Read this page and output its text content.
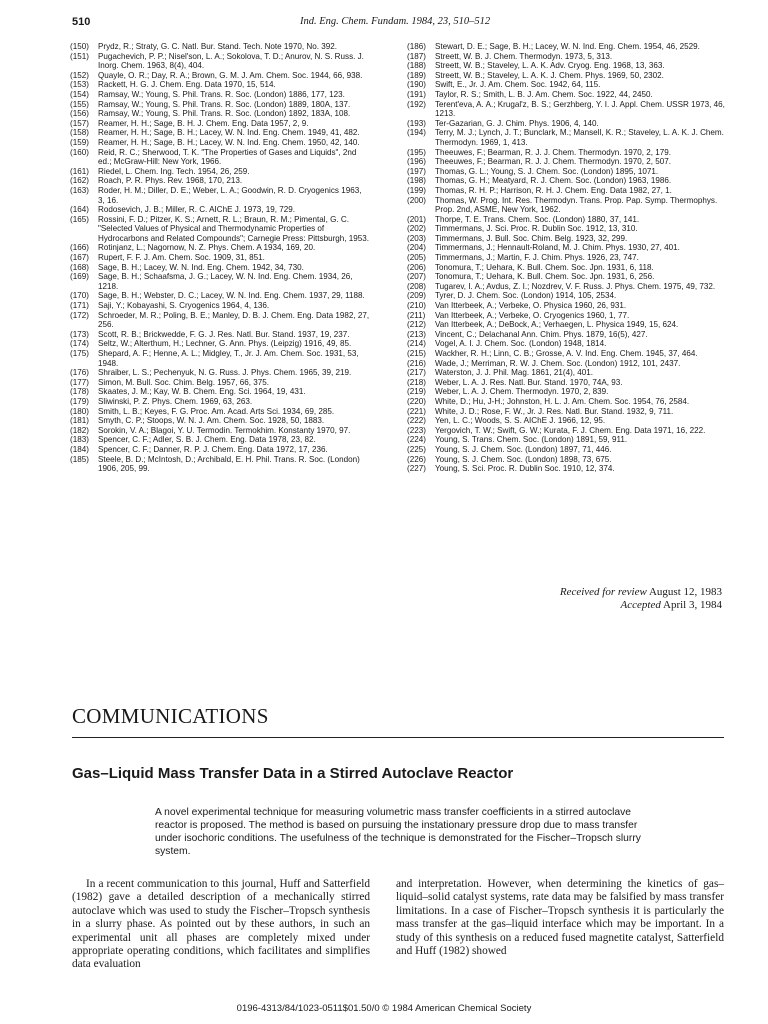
510	Ind. Eng. Chem. Fundam. 1984, 23, 510–512
(150)	Prydz, R.; Straty, G. C. Natl. Bur. Stand. Tech. Note 1970, No. 392.
(151)	Pugachevich, P. P.; Nisel'son, L. A.; Sokolova, T. D.; Anurov, N. S. Russ. J. Inorg. Chem. 1963, 8(4), 404.
(152)	Quayle, O. R.; Day, R. A.; Brown, G. M. J. Am. Chem. Soc. 1944, 66, 938.
(153)	Rackett, H. G. J. Chem. Eng. Data 1970, 15, 514.
(154)	Ramsay, W.; Young, S. Phil. Trans. R. Soc. (London) 1886, 177, 123.
(155)	Ramsay, W.; Young, S. Phil. Trans. R. Soc. (London) 1889, 180A, 137.
(156)	Ramsay, W.; Young, S. Phil. Trans. R. Soc. (London) 1892, 183A, 108.
(157)	Reamer, H. H.; Sage, B. H. J. Chem. Eng. Data 1957, 2, 9.
(158)	Reamer, H. H.; Sage, B. H.; Lacey, W. N. Ind. Eng. Chem. 1949, 41, 482.
(159)	Reamer, H. H.; Sage, B. H.; Lacey, W. N. Ind. Eng. Chem. 1950, 42, 140.
(160)	Reid, R. C.; Sherwood, T. K. "The Properties of Gases and Liquids", 2nd ed.; McGraw-Hill: New York, 1966.
(161)	Riedel, L. Chem. Ing. Tech. 1954, 26, 259.
(162)	Roach, P. R. Phys. Rev. 1968, 170, 213.
(163)	Roder, H. M.; Diller, D. E.; Weber, L. A.; Goodwin, R. D. Cryogenics 1963, 3, 16.
(164)	Rodosevich, J. B.; Miller, R. C. AIChE J. 1973, 19, 729.
(165)	Rossini, F. D.; Pitzer, K. S.; Arnett, R. L.; Braun, R. M.; Pimental, G. C. "Selected Values of Physical and Thermodynamic Properties of Hydrocarbons and Related Compounds"; Carnegie Press: Pittsburgh, 1953.
(166)	Rotinjanz, L.; Nagornow, N. Z. Phys. Chem. A 1934, 169, 20.
(167)	Rupert, F. F. J. Am. Chem. Soc. 1909, 31, 851.
(168)	Sage, B. H.; Lacey, W. N. Ind. Eng. Chem. 1942, 34, 730.
(169)	Sage, B. H.; Schaafsma, J. G.; Lacey, W. N. Ind. Eng. Chem. 1934, 26, 1218.
(170)	Sage, B. H.; Webster, D. C.; Lacey, W. N. Ind. Eng. Chem. 1937, 29, 1188.
(171)	Saji, Y.; Kobayashi, S. Cryogenics 1964, 4, 136.
(172)	Schroeder, M. R.; Poling, B. E.; Manley, D. B. J. Chem. Eng. Data 1982, 27, 256.
(173)	Scott, R. B.; Brickwedde, F. G. J. Res. Natl. Bur. Stand. 1937, 19, 237.
(174)	Seltz, W.; Alterthum, H.; Lechner, G. Ann. Phys. (Leipzig) 1916, 49, 85.
(175)	Shepard, A. F.; Henne, A. L.; Midgley, T., Jr. J. Am. Chem. Soc. 1931, 53, 1948.
(176)	Shraiber, L. S.; Pechenyuk, N. G. Russ. J. Phys. Chem. 1965, 39, 219.
(177)	Simon, M. Bull. Soc. Chim. Belg. 1957, 66, 375.
(178)	Skaates, J. M.; Kay, W. B. Chem. Eng. Sci. 1964, 19, 431.
(179)	Sliwinski, P. Z. Phys. Chem. 1969, 63, 263.
(180)	Smith, L. B.; Keyes, F. G. Proc. Am. Acad. Arts Sci. 1934, 69, 285.
(181)	Smyth, C. P.; Stoops, W. N. J. Am. Chem. Soc. 1928, 50, 1883.
(182)	Sorokin, V. A.; Blagoi, Y. U. Termodin. Termokhim. Konstanty 1970, 97.
(183)	Spencer, C. F.; Adler, S. B. J. Chem. Eng. Data 1978, 23, 82.
(184)	Spencer, C. F.; Danner, R. P. J. Chem. Eng. Data 1972, 17, 236.
(185)	Steele, B. D.; McIntosh, D.; Archibald, E. H. Phil. Trans. R. Soc. (London) 1906, 205, 99.
(186)	Stewart, D. E.; Sage, B. H.; Lacey, W. N. Ind. Eng. Chem. 1954, 46, 2529.
(187)	Streett, W. B. J. Chem. Thermodyn. 1973, 5, 313.
(188)	Streett, W. B.; Staveley, L. A. K. Adv. Cryog. Eng. 1968, 13, 363.
(189)	Streett, W. B.; Staveley, L. A. K. J. Chem. Phys. 1969, 50, 2302.
(190)	Swift, E., Jr. J. Am. Chem. Soc. 1942, 64, 115.
(191)	Taylor, R. S.; Smith, L. B. J. Am. Chem. Soc. 1922, 44, 2450.
(192)	Terent'eva, A. A.; Krugal'z, B. S.; Gerzhberg, Y. I. J. Appl. Chem. USSR 1973, 46, 1213.
(193)	Ter-Gazarian, G. J. Chim. Phys. 1906, 4, 140.
(194)	Terry, M. J.; Lynch, J. T.; Bunclark, M.; Mansell, K. R.; Staveley, L. A. K. J. Chem. Thermodyn. 1969, 1, 413.
(195)	Theeuwes, F.; Bearman, R. J. J. Chem. Thermodyn. 1970, 2, 179.
(196)	Theeuwes, F.; Bearman, R. J. J. Chem. Thermodyn. 1970, 2, 507.
(197)	Thomas, G. L.; Young, S. J. Chem. Soc. (London) 1895, 1071.
(198)	Thomas, G. H.; Meatyard, R. J. Chem. Soc. (London) 1963, 1986.
(199)	Thomas, R. H. P.; Harrison, R. H. J. Chem. Eng. Data 1982, 27, 1.
(200)	Thomas, W. Prog. Int. Res. Thermodyn. Trans. Prop. Pap. Symp. Thermophys. Prop. 2nd, ASME, New York, 1962.
(201)	Thorpe, T. E. Trans. Chem. Soc. (London) 1880, 37, 141.
(202)	Timmermans, J. Sci. Proc. R. Dublin Soc. 1912, 13, 310.
(203)	Timmermans, J. Bull. Soc. Chim. Belg. 1923, 32, 299.
(204)	Timmermans, J.; Hennault-Roland, M. J. Chim. Phys. 1930, 27, 401.
(205)	Timmermans, J.; Martin, F. J. Chim. Phys. 1926, 23, 747.
(206)	Tonomura, T.; Uehara, K. Bull. Chem. Soc. Jpn. 1931, 6, 118.
(207)	Tonomura, T.; Uehara, K. Bull. Chem. Soc. Jpn. 1931, 6, 256.
(208)	Tugarev, I. A.; Avdus, Z. I.; Nozdrev, V. F. Russ. J. Phys. Chem. 1975, 49, 732.
(209)	Tyrer, D. J. Chem. Soc. (London) 1914, 105, 2534.
(210)	Van Itterbeek, A.; Verbeke, O. Physica 1960, 26, 931.
(211)	Van Itterbeek, A.; Verbeke, O. Cryogenics 1960, 1, 77.
(212)	Van Itterbeek, A.; DeBock, A.; Verhaegen, L. Physica 1949, 15, 624.
(213)	Vincent, C.; Delachanal Ann. Chim. Phys. 1879, 16(5), 427.
(214)	Vogel, A. I. J. Chem. Soc. (London) 1948, 1814.
(215)	Wackher, R. H.; Linn, C. B.; Grosse, A. V. Ind. Eng. Chem. 1945, 37, 464.
(216)	Wade, J.; Merriman, R. W. J. Chem. Soc. (London) 1912, 101, 2437.
(217)	Waterston, J. J. Phil. Mag. 1861, 21(4), 401.
(218)	Weber, L. A. J. Res. Natl. Bur. Stand. 1970, 74A, 93.
(219)	Weber, L. A. J. Chem. Thermodyn. 1970, 2, 839.
(220)	White, D.; Hu, J-H.; Johnston, H. L. J. Am. Chem. Soc. 1954, 76, 2584.
(221)	White, J. D.; Rose, F. W., Jr. J. Res. Natl. Bur. Stand. 1932, 9, 711.
(222)	Yen, L. C.; Woods, S. S. AIChE J. 1966, 12, 95.
(223)	Yergovich, T. W.; Swift, G. W.; Kurata, F. J. Chem. Eng. Data 1971, 16, 222.
(224)	Young, S. Trans. Chem. Soc. (London) 1891, 59, 911.
(225)	Young, S. J. Chem. Soc. (London) 1897, 71, 446.
(226)	Young, S. J. Chem. Soc. (London) 1898, 73, 675.
(227)	Young, S. Sci. Proc. R. Dublin Soc. 1910, 12, 374.
Received for review August 12, 1983
Accepted April 3, 1984
COMMUNICATIONS
Gas–Liquid Mass Transfer Data in a Stirred Autoclave Reactor
A novel experimental technique for measuring volumetric mass transfer coefficients in a stirred autoclave reactor is proposed. The method is based on pursuing the instationary pressure drop due to mass transfer under isochoric conditions. The usefulness of the technique is demonstrated for the Fischer–Tropsch slurry system.
In a recent communication to this journal, Huff and Satterfield (1982) gave a detailed description of a mechanically stirred autoclave which was used to study the Fischer–Tropsch synthesis in a slurry phase. As pointed out by these authors, in such an experimental unit all phases are completely mixed under appropriate operating conditions, which facilitates and simplifies data evaluation
and interpretation. However, when determining the kinetics of gas–liquid–solid catalyst systems, rate data may be falsified by mass transfer limitations. In a case of Fischer–Tropsch synthesis it is particularly the mass transfer at the gas–liquid interface which may be important. In a study of this synthesis on a reduced fused magnetite catalyst, Satterfield and Huff (1982) showed
0196-4313/84/1023-0511$01.50/0 © 1984 American Chemical Society
